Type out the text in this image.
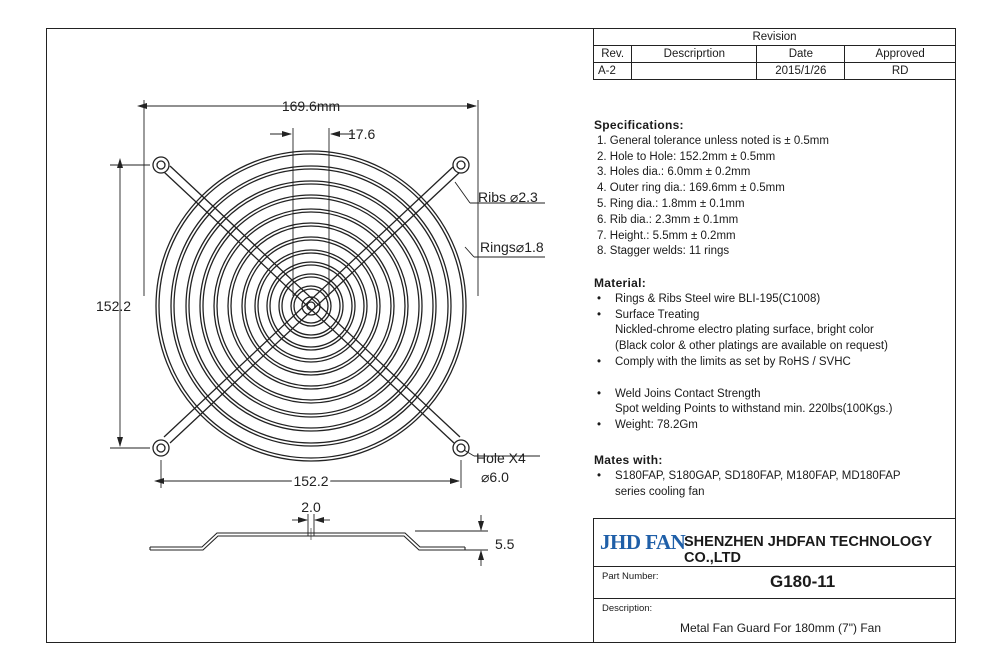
Revision			
Rev.	Descriprtion	Date	Approved
A-2		2015/1/26	RD
Specifications:
1. General tolerance unless noted is ± 0.5mm
2. Hole to Hole: 152.2mm ± 0.5mm
3. Holes dia.: 6.0mm ± 0.2mm
4. Outer ring dia.: 169.6mm ± 0.5mm
5. Ring dia.: 1.8mm ± 0.1mm
6. Rib dia.: 2.3mm ± 0.1mm
7. Height.: 5.5mm ± 0.2mm
8. Stagger welds: 11 rings
Material:
• Rings & Ribs Steel wire BLI-195(C1008)
• Surface Treating
Nickled-chrome electro plating surface, bright color
(Black color & other platings are available on request)
• Comply with the limits as set by RoHS / SVHC

• Weld Joins Contact Strength
Spot welding Points to withstand min. 220lbs(100Kgs.)
• Weight: 78.2Gm
Mates with:
• S180FAP, S180GAP, SD180FAP, M180FAP, MD180FAP
series cooling fan
JHD FAN
SHENZHEN JHDFAN TECHNOLOGY CO.,LTD
Part Number:	G180-11
Description:
Metal Fan Guard For 180mm (7") Fan
169.6mm
17.6
Ribs ⌀2.3
Rings⌀1.8
152.2
152.2
Hole X4
⌀6.0
2.0
5.5
